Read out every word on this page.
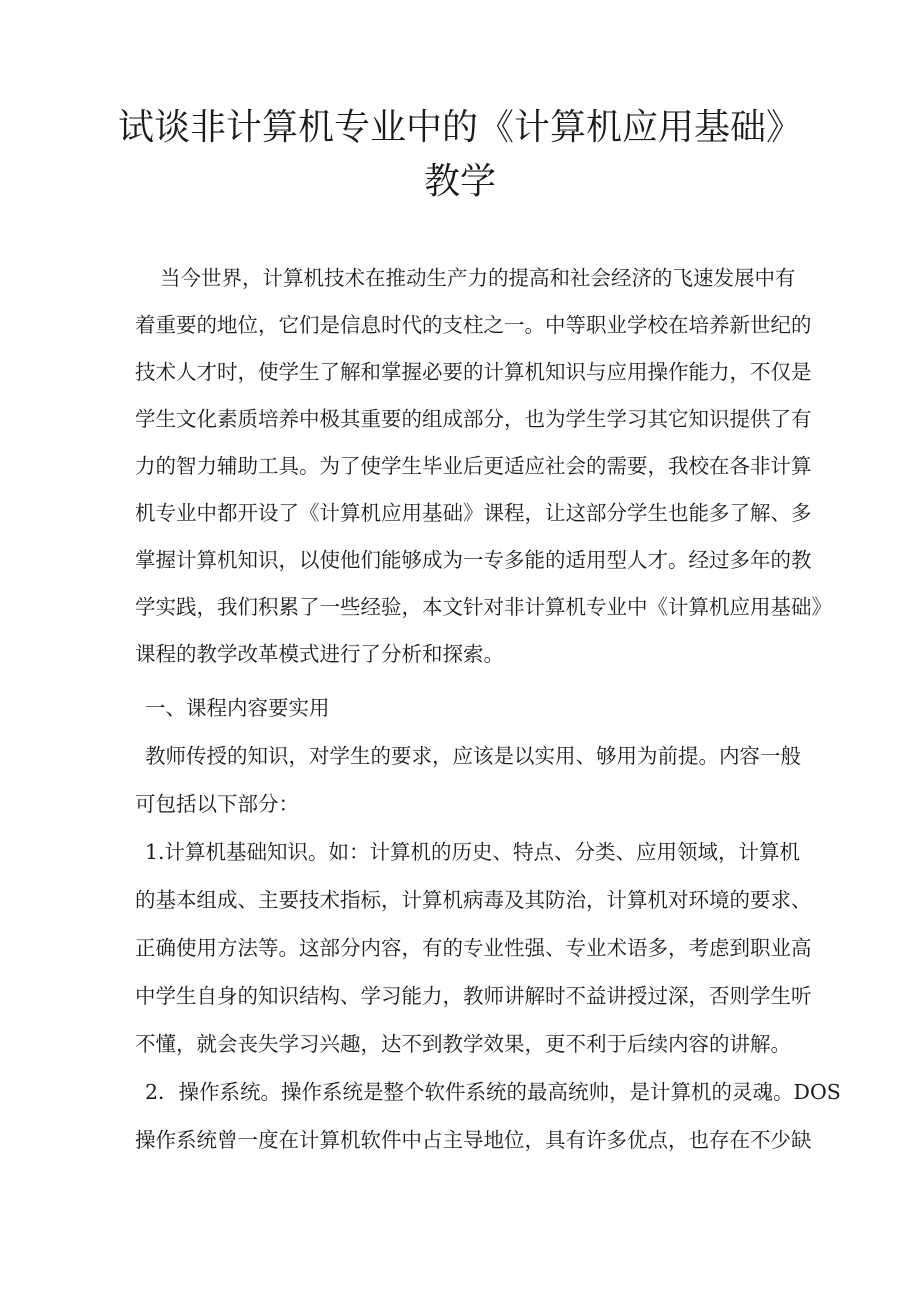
试谈非计算机专业中的《计算机应用基础》
教学

当今世界，计算机技术在推动生产力的提高和社会经济的飞速发展中有

着重要的地位，它们是信息时代的支柱之一。中等职业学校在培养新世纪的

技术人才时，使学生了解和掌握必要的计算机知识与应用操作能力，不仅是

学生文化素质培养中极其重要的组成部分，也为学生学习其它知识提供了有

力的智力辅助工具。为了使学生毕业后更适应社会的需要，我校在各非计算

机专业中都开设了《计算机应用基础》课程，让这部分学生也能多了解、多

掌握计算机知识，以使他们能够成为一专多能的适用型人才。经过多年的教

学实践，我们积累了一些经验，本文针对非计算机专业中《计算机应用基础》

课程的教学改革模式进行了分析和探索。

一、课程内容要实用

教师传授的知识，对学生的要求，应该是以实用、够用为前提。内容一般

可包括以下部分：

1.计算机基础知识。如：计算机的历史、特点、分类、应用领域，计算机

的基本组成、主要技术指标，计算机病毒及其防治，计算机对环境的要求、

正确使用方法等。这部分内容，有的专业性强、专业术语多，考虑到职业高

中学生自身的知识结构、学习能力，教师讲解时不益讲授过深，否则学生听

不懂，就会丧失学习兴趣，达不到教学效果，更不利于后续内容的讲解。

2．操作系统。操作系统是整个软件系统的最高统帅，是计算机的灵魂。DOS

操作系统曾一度在计算机软件中占主导地位，具有许多优点，也存在不少缺
